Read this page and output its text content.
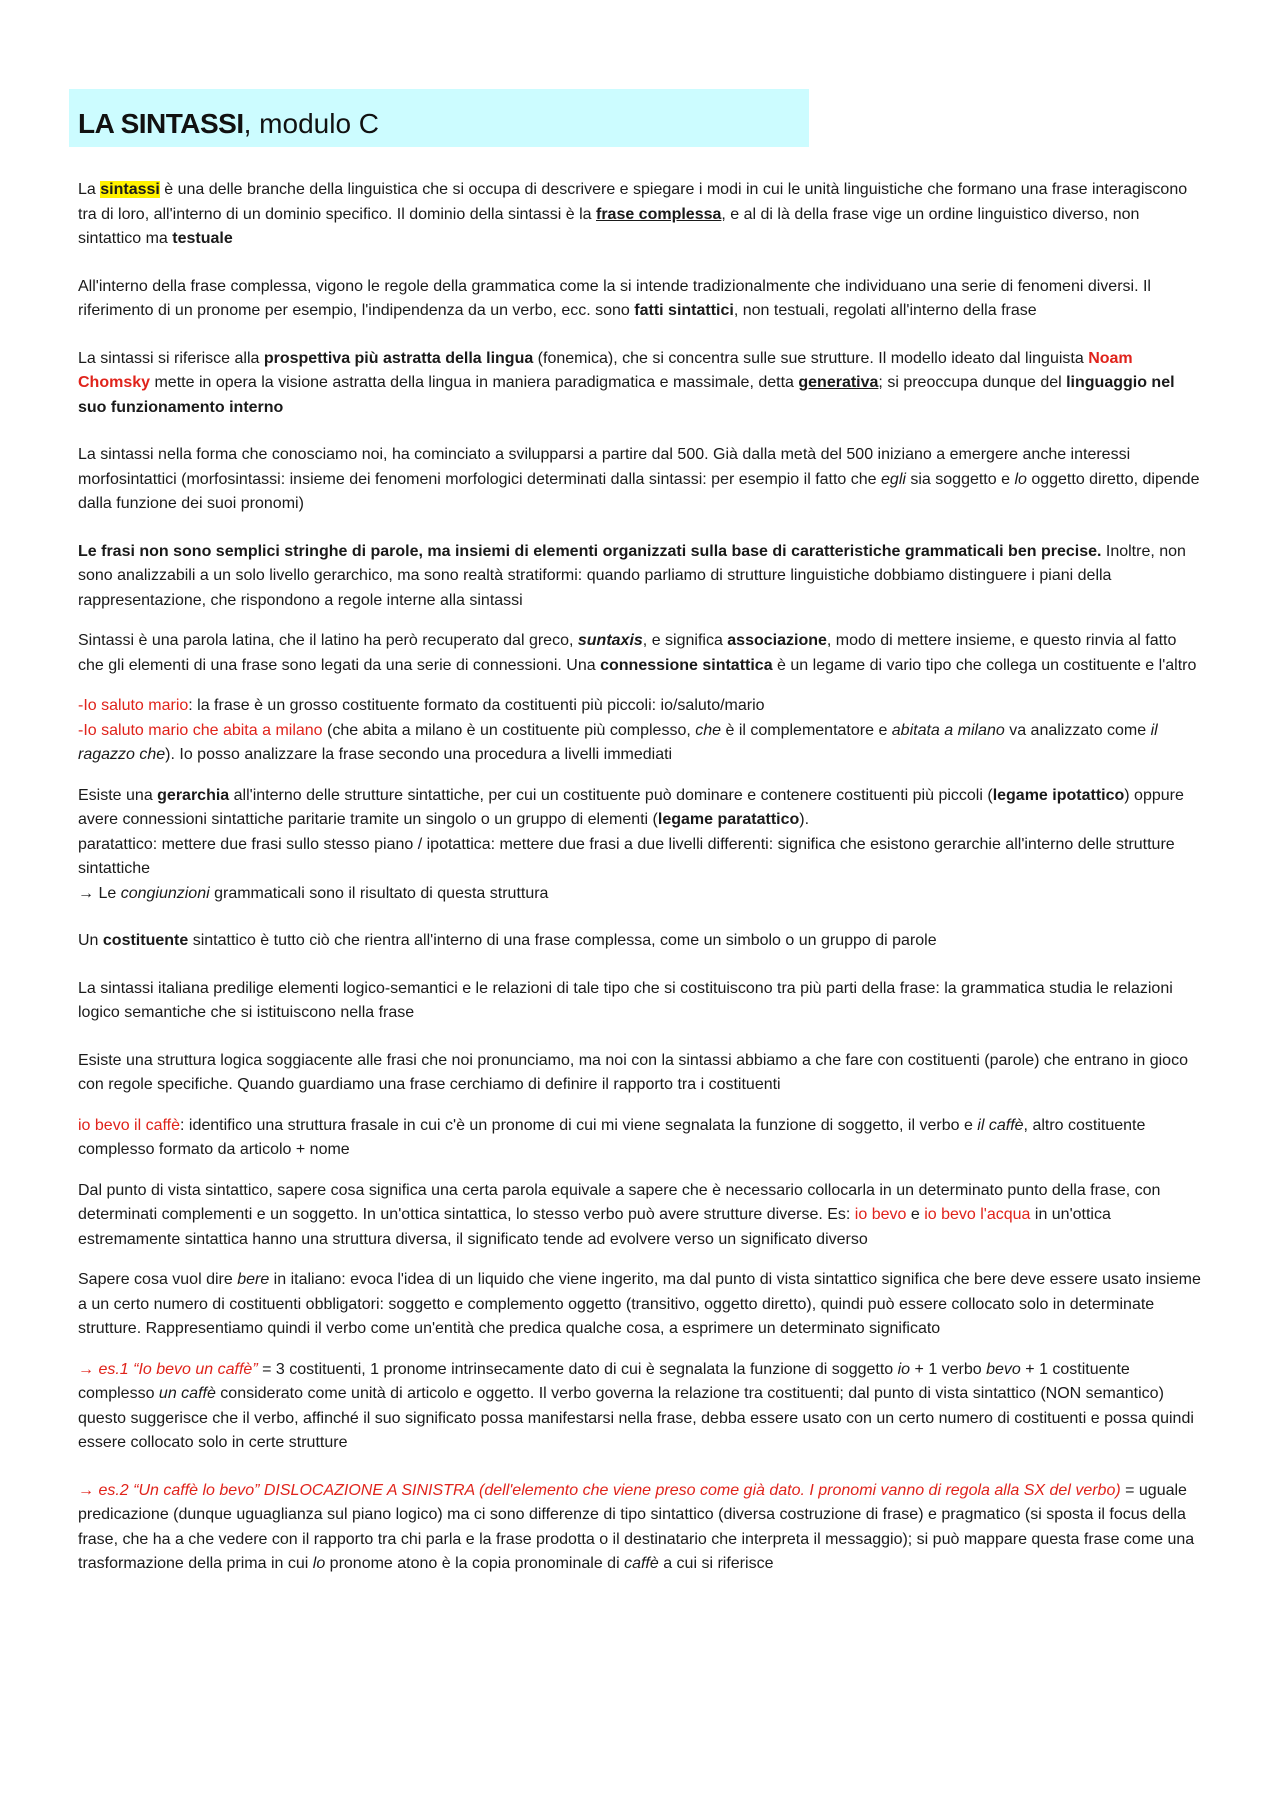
LA SINTASSI, modulo C

La sintassi è una delle branche della linguistica che si occupa di descrivere e spiegare i modi in cui le unità linguistiche che formano una frase interagiscono tra di loro, all'interno di un dominio specifico. Il dominio della sintassi è la frase complessa, e al di là della frase vige un ordine linguistico diverso, non sintattico ma testuale

All'interno della frase complessa, vigono le regole della grammatica come la si intende tradizionalmente che individuano una serie di fenomeni diversi. Il riferimento di un pronome per esempio, l'indipendenza da un verbo, ecc. sono fatti sintattici, non testuali, regolati all'interno della frase

La sintassi si riferisce alla prospettiva più astratta della lingua (fonemica), che si concentra sulle sue strutture. Il modello ideato dal linguista Noam Chomsky mette in opera la visione astratta della lingua in maniera paradigmatica e massimale, detta generativa; si preoccupa dunque del linguaggio nel suo funzionamento interno

La sintassi nella forma che conosciamo noi, ha cominciato a svilupparsi a partire dal 500. Già dalla metà del 500 iniziano a emergere anche interessi morfosintattici (morfosintassi: insieme dei fenomeni morfologici determinati dalla sintassi: per esempio il fatto che egli sia soggetto e lo oggetto diretto, dipende dalla funzione dei suoi pronomi)

Le frasi non sono semplici stringhe di parole, ma insiemi di elementi organizzati sulla base di caratteristiche grammaticali ben precise. Inoltre, non sono analizzabili a un solo livello gerarchico, ma sono realtà stratiformi: quando parliamo di strutture linguistiche dobbiamo distinguere i piani della rappresentazione, che rispondono a regole interne alla sintassi

Sintassi è una parola latina, che il latino ha però recuperato dal greco, suntaxis, e significa associazione, modo di mettere insieme, e questo rinvia al fatto che gli elementi di una frase sono legati da una serie di connessioni. Una connessione sintattica è un legame di vario tipo che collega un costituente e l'altro

-Io saluto mario: la frase è un grosso costituente formato da costituenti più piccoli: io/saluto/mario
-Io saluto mario che abita a milano (che abita a milano è un costituente più complesso, che è il complementatore e abitata a milano va analizzato come il ragazzo che). Io posso analizzare la frase secondo una procedura a livelli immediati

Esiste una gerarchia all'interno delle strutture sintattiche, per cui un costituente può dominare e contenere costituenti più piccoli (legame ipotattico) oppure avere connessioni sintattiche paritarie tramite un singolo o un gruppo di elementi (legame paratattico).
paratattico: mettere due frasi sullo stesso piano / ipotattica: mettere due frasi a due livelli differenti: significa che esistono gerarchie all'interno delle strutture sintattiche
→ Le congiunzioni grammaticali sono il risultato di questa struttura

Un costituente sintattico è tutto ciò che rientra all'interno di una frase complessa, come un simbolo o un gruppo di parole

La sintassi italiana predilige elementi logico-semantici e le relazioni di tale tipo che si costituiscono tra più parti della frase: la grammatica studia le relazioni logico semantiche che si istituiscono nella frase

Esiste una struttura logica soggiacente alle frasi che noi pronunciamo, ma noi con la sintassi abbiamo a che fare con costituenti (parole) che entrano in gioco con regole specifiche. Quando guardiamo una frase cerchiamo di definire il rapporto tra i costituenti

io bevo il caffè: identifico una struttura frasale in cui c'è un pronome di cui mi viene segnalata la funzione di soggetto, il verbo e il caffè, altro costituente complesso formato da articolo + nome

Dal punto di vista sintattico, sapere cosa significa una certa parola equivale a sapere che è necessario collocarla in un determinato punto della frase, con determinati complementi e un soggetto. In un'ottica sintattica, lo stesso verbo può avere strutture diverse. Es: io bevo e io bevo l'acqua in un'ottica estremamente sintattica hanno una struttura diversa, il significato tende ad evolvere verso un significato diverso

Sapere cosa vuol dire bere in italiano: evoca l'idea di un liquido che viene ingerito, ma dal punto di vista sintattico significa che bere deve essere usato insieme a un certo numero di costituenti obbligatori: soggetto e complemento oggetto (transitivo, oggetto diretto), quindi può essere collocato solo in determinate strutture. Rappresentiamo quindi il verbo come un'entità che predica qualche cosa, a esprimere un determinato significato

→ es.1 “Io bevo un caffè” = 3 costituenti, 1 pronome intrinsecamente dato di cui è segnalata la funzione di soggetto io + 1 verbo bevo + 1 costituente complesso un caffè considerato come unità di articolo e oggetto. Il verbo governa la relazione tra costituenti; dal punto di vista sintattico (NON semantico) questo suggerisce che il verbo, affinché il suo significato possa manifestarsi nella frase, debba essere usato con un certo numero di costituenti e possa quindi essere collocato solo in certe strutture

→ es.2 “Un caffè lo bevo” DISLOCAZIONE A SINISTRA (dell'elemento che viene preso come già dato. I pronomi vanno di regola alla SX del verbo) = uguale predicazione (dunque uguaglianza sul piano logico) ma ci sono differenze di tipo sintattico (diversa costruzione di frase) e pragmatico (si sposta il focus della frase, che ha a che vedere con il rapporto tra chi parla e la frase prodotta o il destinatario che interpreta il messaggio); si può mappare questa frase come una trasformazione della prima in cui lo pronome atono è la copia pronominale di caffè a cui si riferisce
